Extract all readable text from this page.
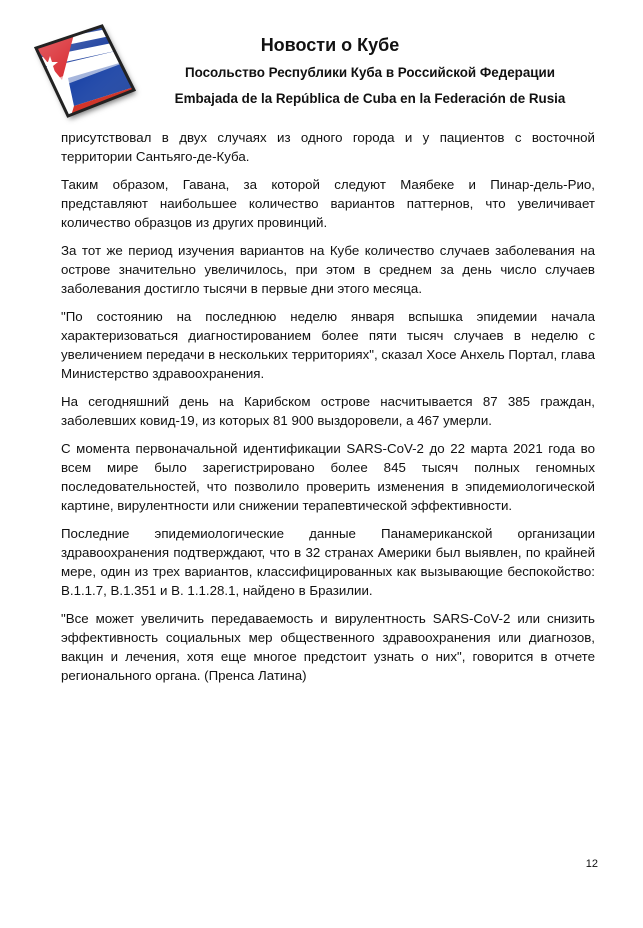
Новости о Кубе

Посольство Республики Куба в Российской Федерации

Embajada de la República de Cuba en la Federación de Rusia

присутствовал в двух случаях из одного города и у пациентов с восточной территории Сантьяго-де-Куба.

Таким образом, Гавана, за которой следуют Маябеке и Пинар-дель-Рио, представляют наибольшее количество вариантов паттернов, что увеличивает количество образцов из других провинций.

За тот же период изучения вариантов на Кубе количество случаев заболевания на острове значительно увеличилось, при этом в среднем за день число случаев заболевания достигло тысячи в первые дни этого месяца.

"По состоянию на последнюю неделю января вспышка эпидемии начала характеризоваться диагностированием более пяти тысяч случаев в неделю с увеличением передачи в нескольких территориях", сказал Хосе Анхель Портал, глава Министерство здравоохранения.

На сегодняшний день на Карибском острове насчитывается 87 385 граждан, заболевших ковид-19, из которых 81 900 выздоровели, а 467 умерли.

С момента первоначальной идентификации SARS-CoV-2 до 22 марта 2021 года во всем мире было зарегистрировано более 845 тысяч полных геномных последовательностей, что позволило проверить изменения в эпидемиологической картине, вирулентности или снижении терапевтической эффективности.

Последние эпидемиологические данные Панамериканской организации здравоохранения подтверждают, что в 32 странах Америки был выявлен, по крайней мере, один из трех вариантов, классифицированных как вызывающие беспокойство: B.1.1.7, B.1.351 и B. 1.1.28.1, найдено в Бразилии.

"Все может увеличить передаваемость и вирулентность SARS-CoV-2 или снизить эффективность социальных мер общественного здравоохранения или диагнозов, вакцин и лечения, хотя еще многое предстоит узнать о них", говорится в отчете регионального органа. (Пренса Латина)

12
